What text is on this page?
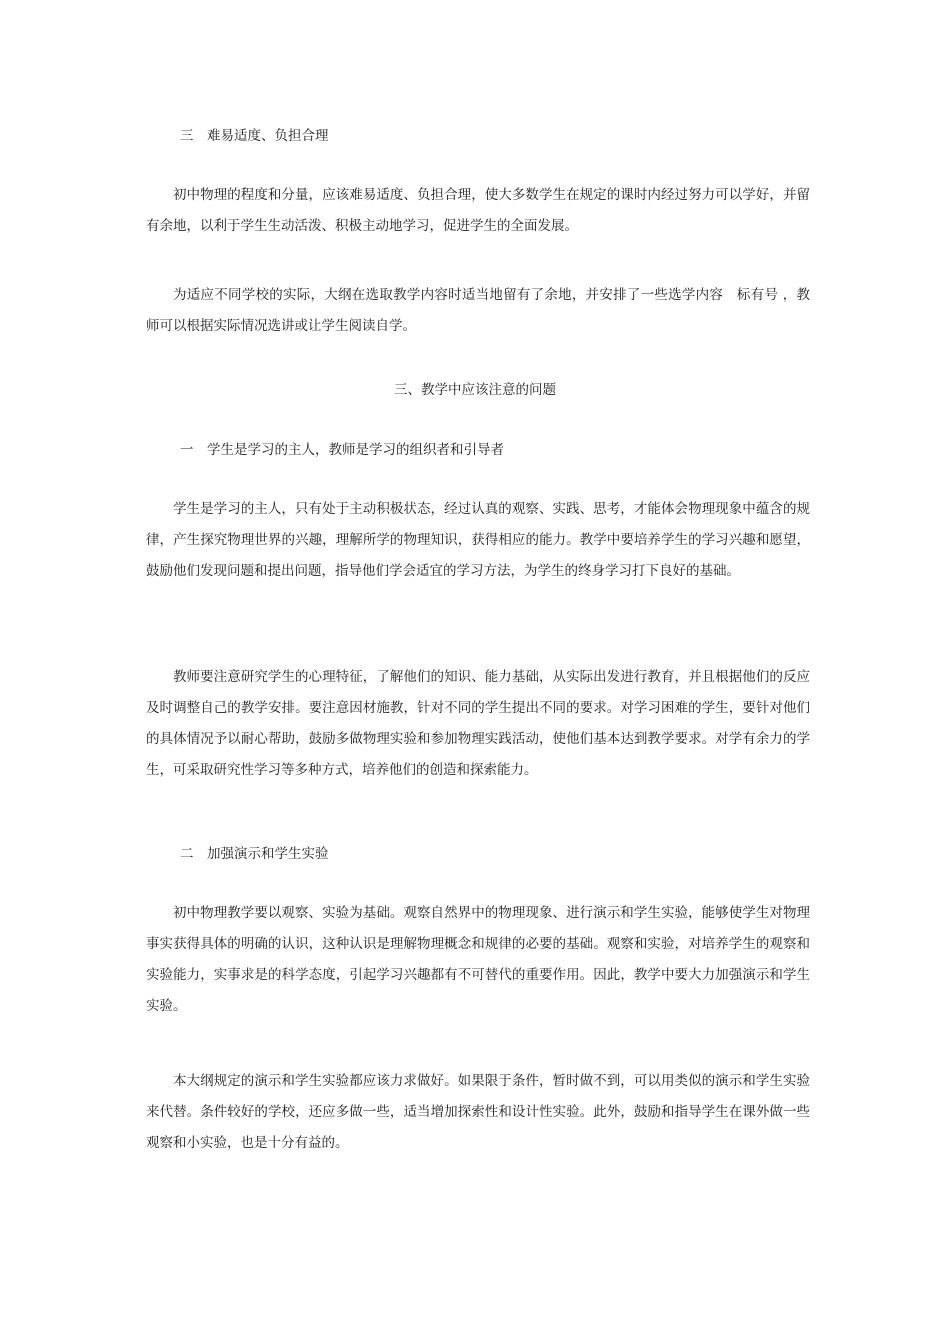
三　难易适度、负担合理

初中物理的程度和分量，应该难易适度、负担合理，使大多数学生在规定的课时内经过努力可以学好，并留有余地，以利于学生生动活泼、积极主动地学习，促进学生的全面发展。

为适应不同学校的实际，大纲在选取教学内容时适当地留有了余地，并安排了一些选学内容　标有号 ，教师可以根据实际情况选讲或让学生阅读自学。

三、教学中应该注意的问题

一　学生是学习的主人，教师是学习的组织者和引导者

学生是学习的主人，只有处于主动积极状态，经过认真的观察、实践、思考，才能体会物理现象中蕴含的规律，产生探究物理世界的兴趣，理解所学的物理知识，获得相应的能力。教学中要培养学生的学习兴趣和愿望，鼓励他们发现问题和提出问题，指导他们学会适宜的学习方法，为学生的终身学习打下良好的基础。

教师要注意研究学生的心理特征，了解他们的知识、能力基础，从实际出发进行教育，并且根据他们的反应及时调整自己的教学安排。要注意因材施教，针对不同的学生提出不同的要求。对学习困难的学生，要针对他们的具体情况予以耐心帮助，鼓励多做物理实验和参加物理实践活动，使他们基本达到教学要求。对学有余力的学生，可采取研究性学习等多种方式，培养他们的创造和探索能力。

二　加强演示和学生实验

初中物理教学要以观察、实验为基础。观察自然界中的物理现象、进行演示和学生实验，能够使学生对物理事实获得具体的明确的认识，这种认识是理解物理概念和规律的必要的基础。观察和实验，对培养学生的观察和实验能力，实事求是的科学态度，引起学习兴趣都有不可替代的重要作用。因此，教学中要大力加强演示和学生实验。

本大纲规定的演示和学生实验都应该力求做好。如果限于条件，暂时做不到，可以用类似的演示和学生实验来代替。条件较好的学校，还应多做一些，适当增加探索性和设计性实验。此外，鼓励和指导学生在课外做一些观察和小实验，也是十分有益的。
